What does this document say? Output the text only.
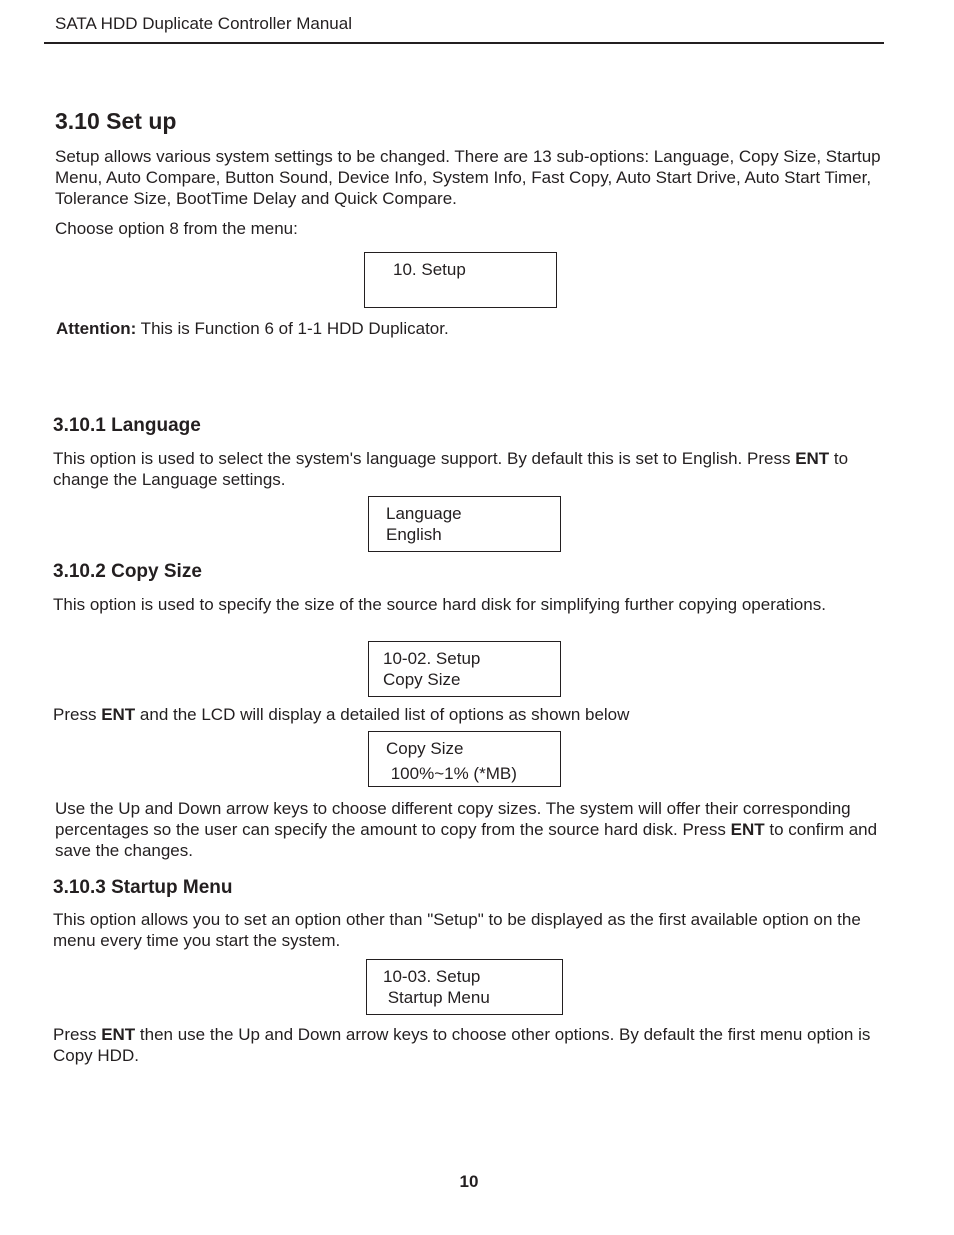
SATA HDD Duplicate Controller Manual
3.10 Set up
Setup allows various system settings to be changed. There are 13 sub-options: Language, Copy Size, Startup Menu, Auto Compare, Button Sound, Device Info, System Info, Fast Copy, Auto Start Drive, Auto Start Timer, Tolerance Size, BootTime Delay and Quick Compare.
Choose option 8 from the menu:
10. Setup
Attention: This is Function 6 of 1-1 HDD Duplicator.
3.10.1 Language
This option is used to select the system's language support. By default this is set to English. Press ENT to change the Language settings.
Language
English
3.10.2 Copy Size
This option is used to specify the size of the source hard disk for simplifying further copying operations.
10-02. Setup
Copy Size
Press ENT and the LCD will display a detailed list of options as shown below
Copy Size
100%~1% (*MB)
Use the Up and Down arrow keys to choose different copy sizes. The system will offer their corresponding percentages so the user can specify the amount to copy from the source hard disk. Press ENT to confirm and save the changes.
3.10.3 Startup Menu
This option allows you to set an option other than "Setup" to be displayed as the first available option on the menu every time you start the system.
10-03. Setup
Startup Menu
Press ENT then use the Up and Down arrow keys to choose other options. By default the first menu option is Copy HDD.
10
